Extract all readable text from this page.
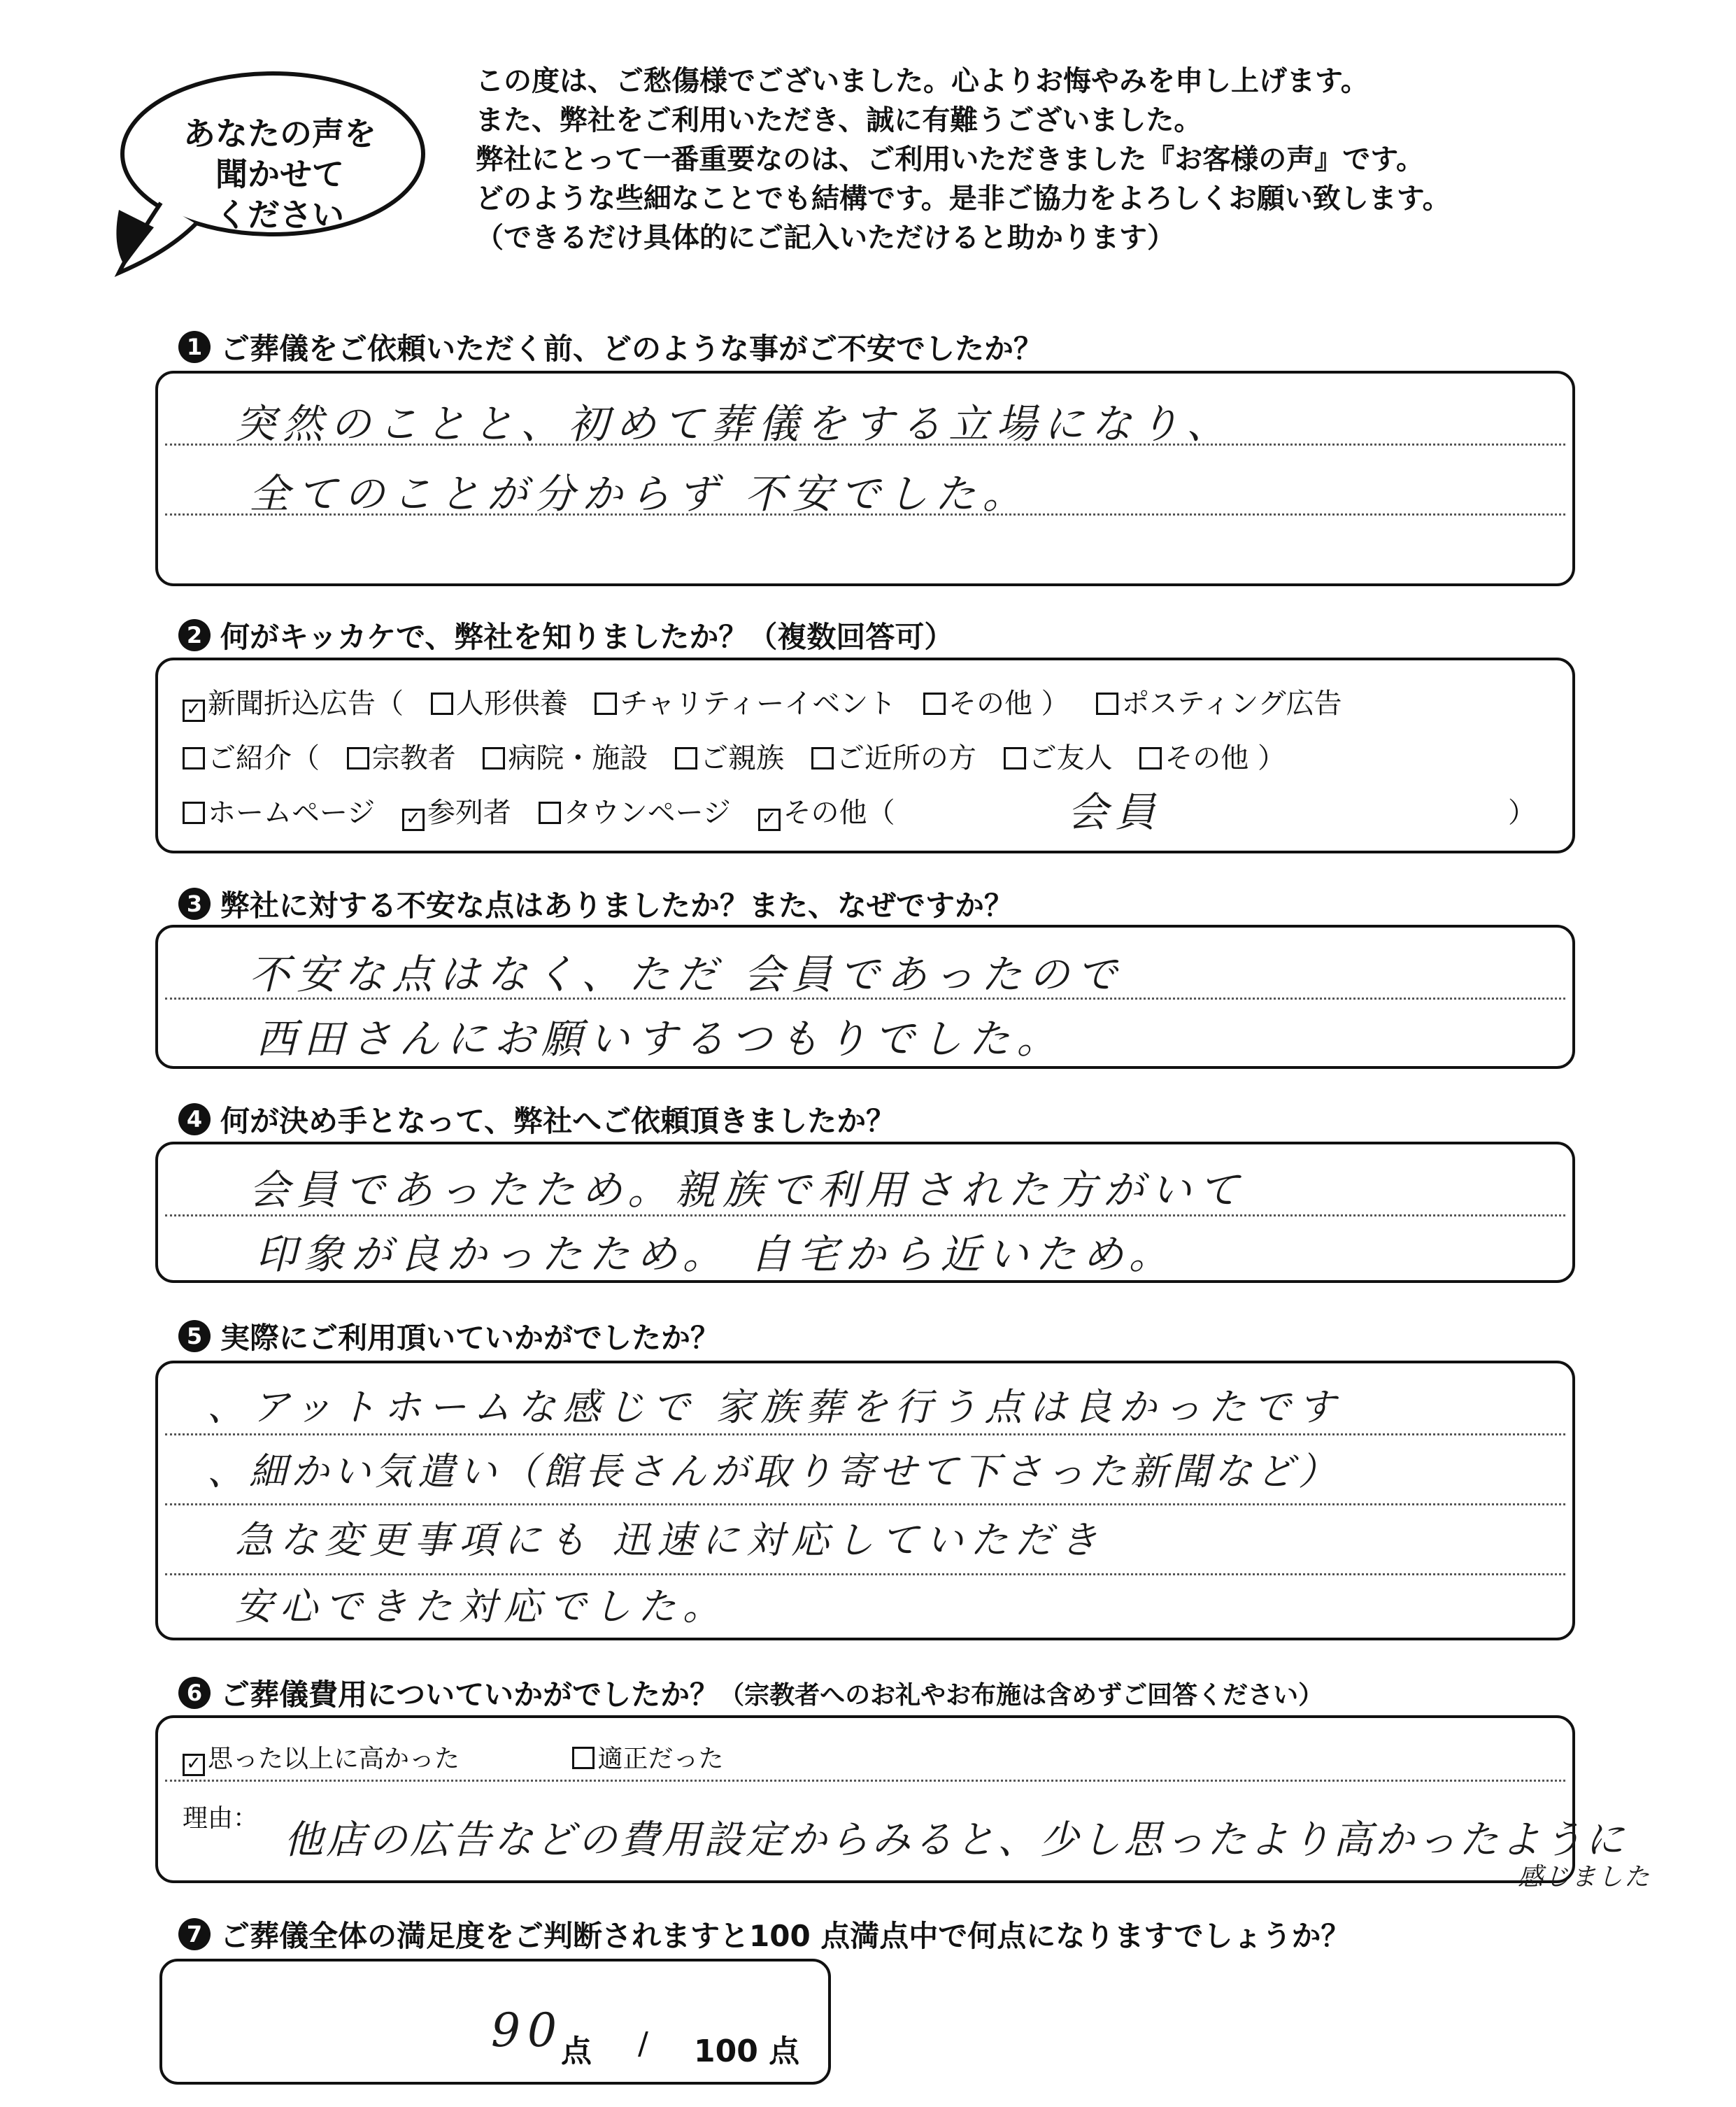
あなたの声を
聞かせて
ください
この度は、ご愁傷様でございました。心よりお悔やみを申し上げます。
また、弊社をご利用いただき、誠に有難うございました。
弊社にとって一番重要なのは、ご利用いただきました『お客様の声』です。
どのような些細なことでも結構です。是非ご協力をよろしくお願い致します。
（できるだけ具体的にご記入いただけると助かります）
1 ご葬儀をご依頼いただく前、どのような事がご不安でしたか？
突然のことと、初めて葬儀をする立場になり、
全てのことが分からず 不安でした。
2 何がキッカケで、弊社を知りましたか？（複数回答可）
✓ 新聞折込広告（ 人形供養 チャリティーイベント その他 ） ポスティング広告
ご紹介（ 宗教者 病院・施設 ご親族 ご近所の方 ご友人 その他 ）
ホームページ ✓ 参列者 タウンページ ✓ その他（	会員	）
3 弊社に対する不安な点はありましたか？また、なぜですか？
不安な点はなく、ただ 会員であったので
西田さんにお願いするつもりでした。
4 何が決め手となって、弊社へご依頼頂きましたか？
会員であったため。親族で利用された方がいて
印象が良かったため。 自宅から近いため。
5 実際にご利用頂いていかがでしたか？
、アットホームな感じで 家族葬を行う点は良かったです
、細かい気遣い（館長さんが取り寄せて下さった新聞など）
急な変更事項にも 迅速に対応していただき
安心できた対応でした。
6 ご葬儀費用についていかがでしたか？ （宗教者へのお礼やお布施は含めずご回答ください）
✓ 思った以上に高かった	適正だった
理由： 他店の広告などの費用設定からみると、少し思ったより高かったように
感じました
7 ご葬儀全体の満足度をご判断されますと100 点満点中で何点になりますでしょうか？
90
点 / 100 点
